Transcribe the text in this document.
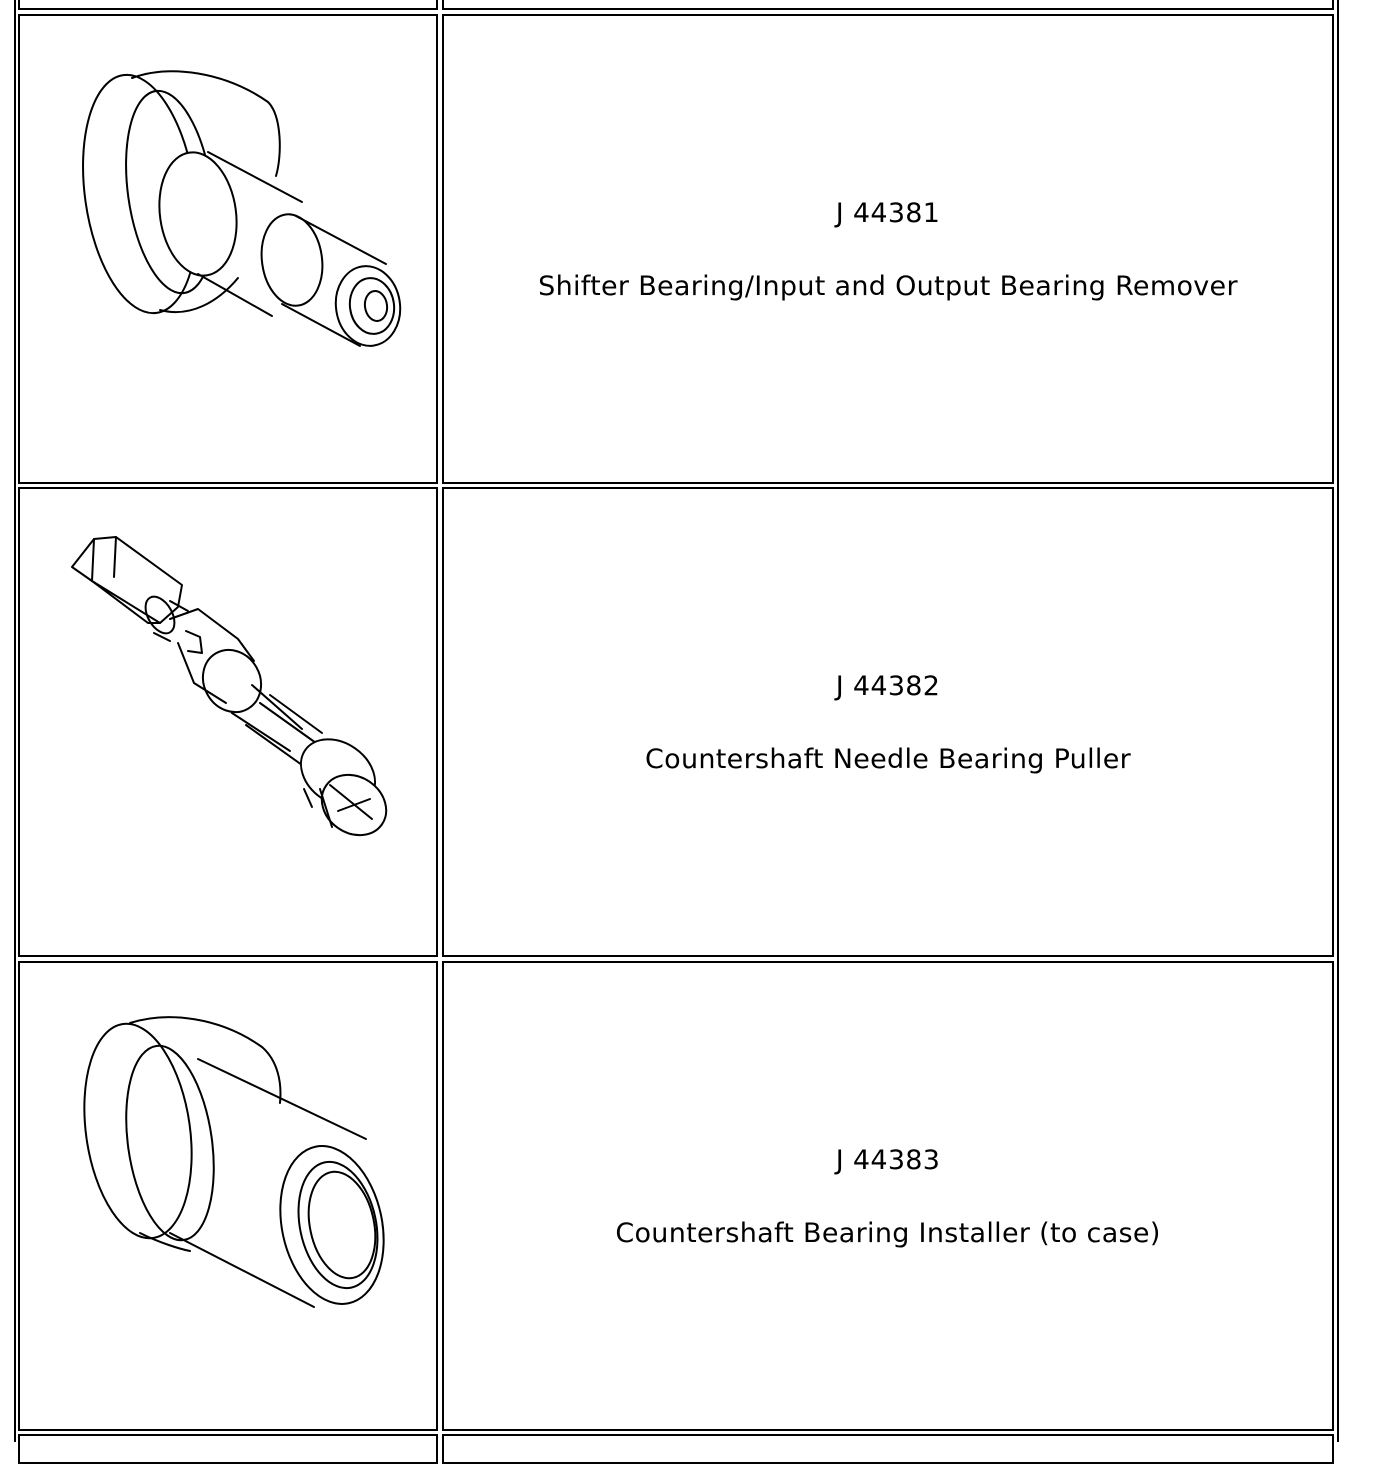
J 44381
Shifter Bearing/Input and Output Bearing Remover
J 44382
Countershaft Needle Bearing Puller
J 44383
Countershaft Bearing Installer (to case)
